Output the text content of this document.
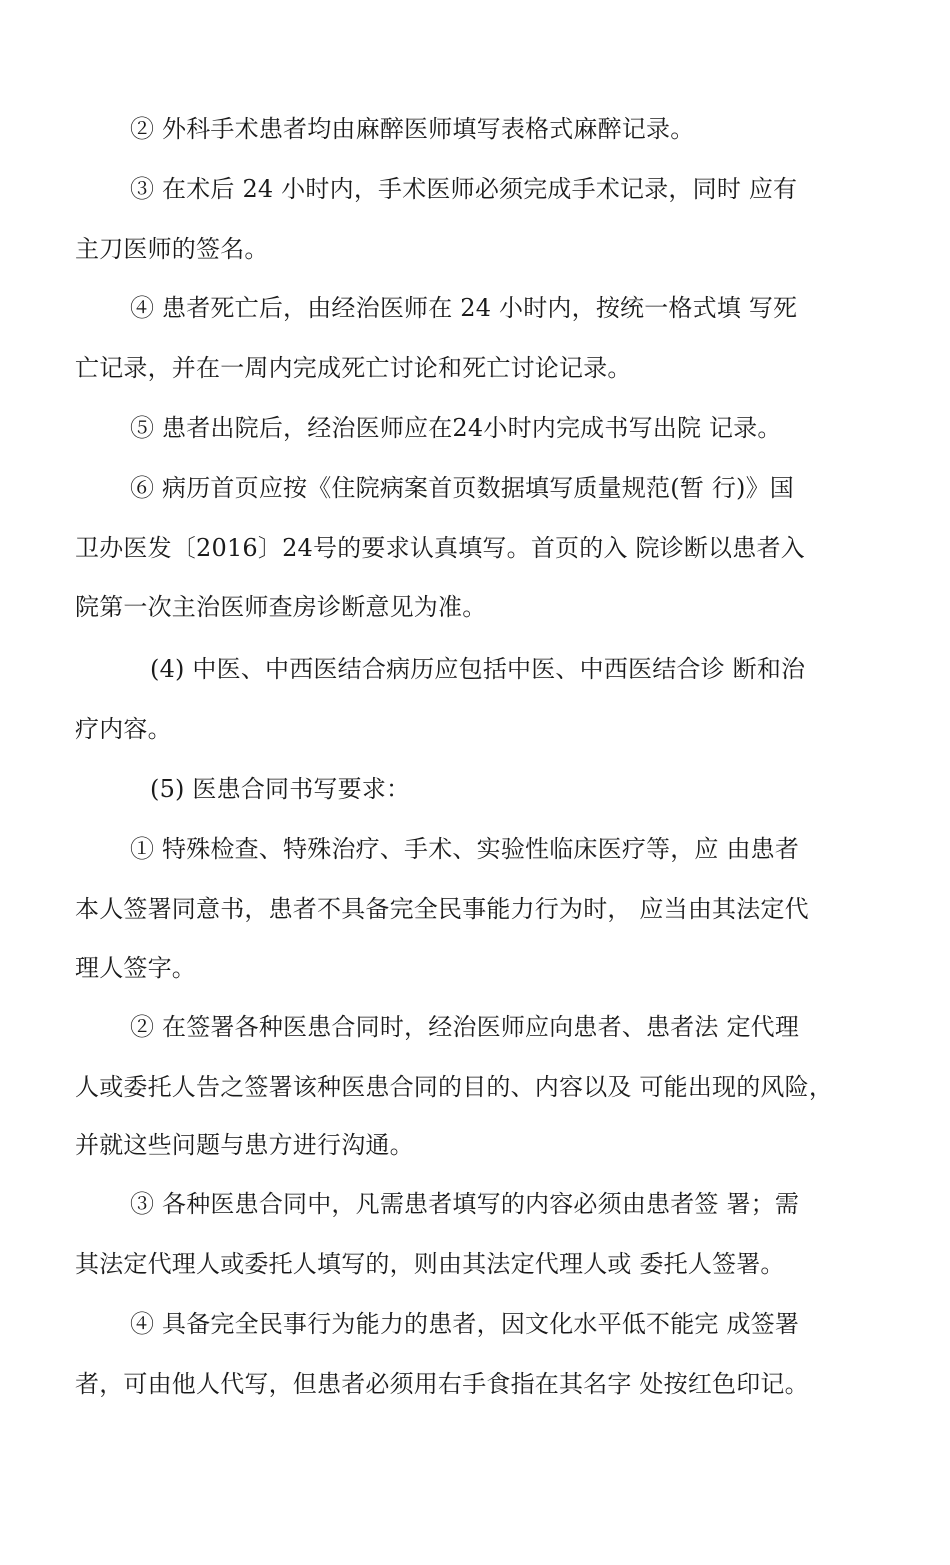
② 外科手术患者均由麻醉医师填写表格式麻醉记录。
③ 在术后 24 小时内，手术医师必须完成手术记录，同时 应有
主刀医师的签名。
④ 患者死亡后，由经治医师在 24 小时内，按统一格式填 写死
亡记录，并在一周内完成死亡讨论和死亡讨论记录。
⑤ 患者出院后，经治医师应在24小时内完成书写出院 记录。
⑥ 病历首页应按《住院病案首页数据填写质量规范(暂 行)》国
卫办医发〔2016〕24号的要求认真填写。首页的入 院诊断以患者入
院第一次主治医师查房诊断意见为准。
(4) 中医、中西医结合病历应包括中医、中西医结合诊 断和治
疗内容。
(5) 医患合同书写要求：
① 特殊检查、特殊治疗、手术、实验性临床医疗等，应 由患者
本人签署同意书，患者不具备完全民事能力行为时， 应当由其法定代
理人签字。
② 在签署各种医患合同时，经治医师应向患者、患者法 定代理
人或委托人告之签署该种医患合同的目的、内容以及 可能出现的风险，
并就这些问题与患方进行沟通。
③ 各种医患合同中，凡需患者填写的内容必须由患者签 署；需
其法定代理人或委托人填写的，则由其法定代理人或 委托人签署。
④ 具备完全民事行为能力的患者，因文化水平低不能完 成签署
者，可由他人代写，但患者必须用右手食指在其名字 处按红色印记。
